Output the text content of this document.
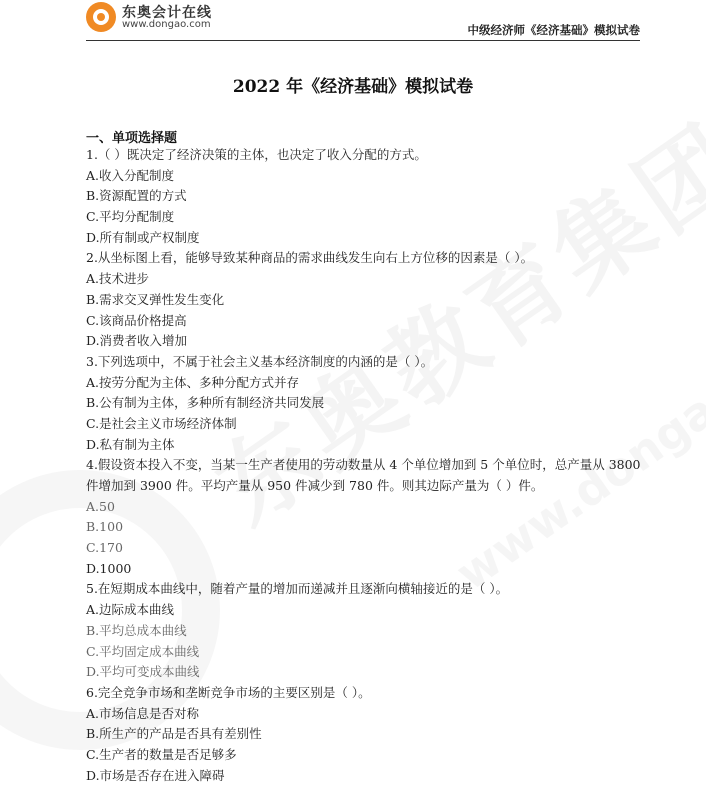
东奥会计在线
www.dongao.com	中级经济师《经济基础》模拟试卷
2022 年《经济基础》模拟试卷
一、单项选择题
1.（ ）既决定了经济决策的主体，也决定了收入分配的方式。
A.收入分配制度
B.资源配置的方式
C.平均分配制度
D.所有制或产权制度
2.从坐标图上看，能够导致某种商品的需求曲线发生向右上方位移的因素是（ ）。
A.技术进步
B.需求交叉弹性发生变化
C.该商品价格提高
D.消费者收入增加
3.下列选项中，不属于社会主义基本经济制度的内涵的是（ ）。
A.按劳分配为主体、多种分配方式并存
B.公有制为主体，多种所有制经济共同发展
C.是社会主义市场经济体制
D.私有制为主体
4.假设资本投入不变，当某一生产者使用的劳动数量从 4 个单位增加到 5 个单位时，总产量从 3800 件增加到 3900 件。平均产量从 950 件减少到 780 件。则其边际产量为（ ）件。
A.50
B.100
C.170
D.1000
5.在短期成本曲线中，随着产量的增加而递减并且逐渐向横轴接近的是（ ）。
A.边际成本曲线
B.平均总成本曲线
C.平均固定成本曲线
D.平均可变成本曲线
6.完全竞争市场和垄断竞争市场的主要区别是（ ）。
A.市场信息是否对称
B.所生产的产品是否具有差别性
C.生产者的数量是否足够多
D.市场是否存在进入障碍
